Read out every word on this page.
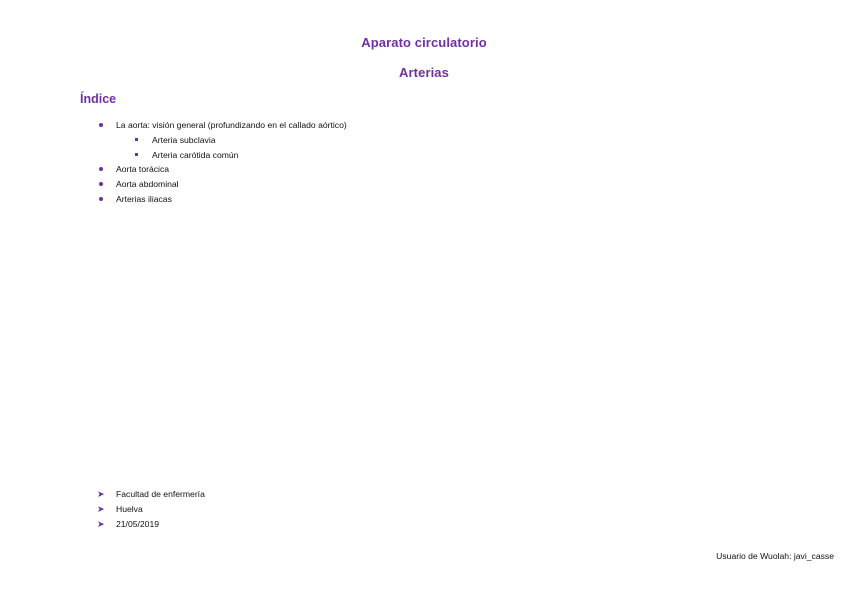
Aparato circulatorio
Arterias
Índice
La aorta: visión general (profundizando en el callado aórtico)
Arteria subclavia
Arteria carótida común
Aorta torácica
Aorta abdominal
Arterias iliacas
➤ Facultad de enfermería
➤ Huelva
➤ 21/05/2019
Usuario de Wuolah: javi_casse
